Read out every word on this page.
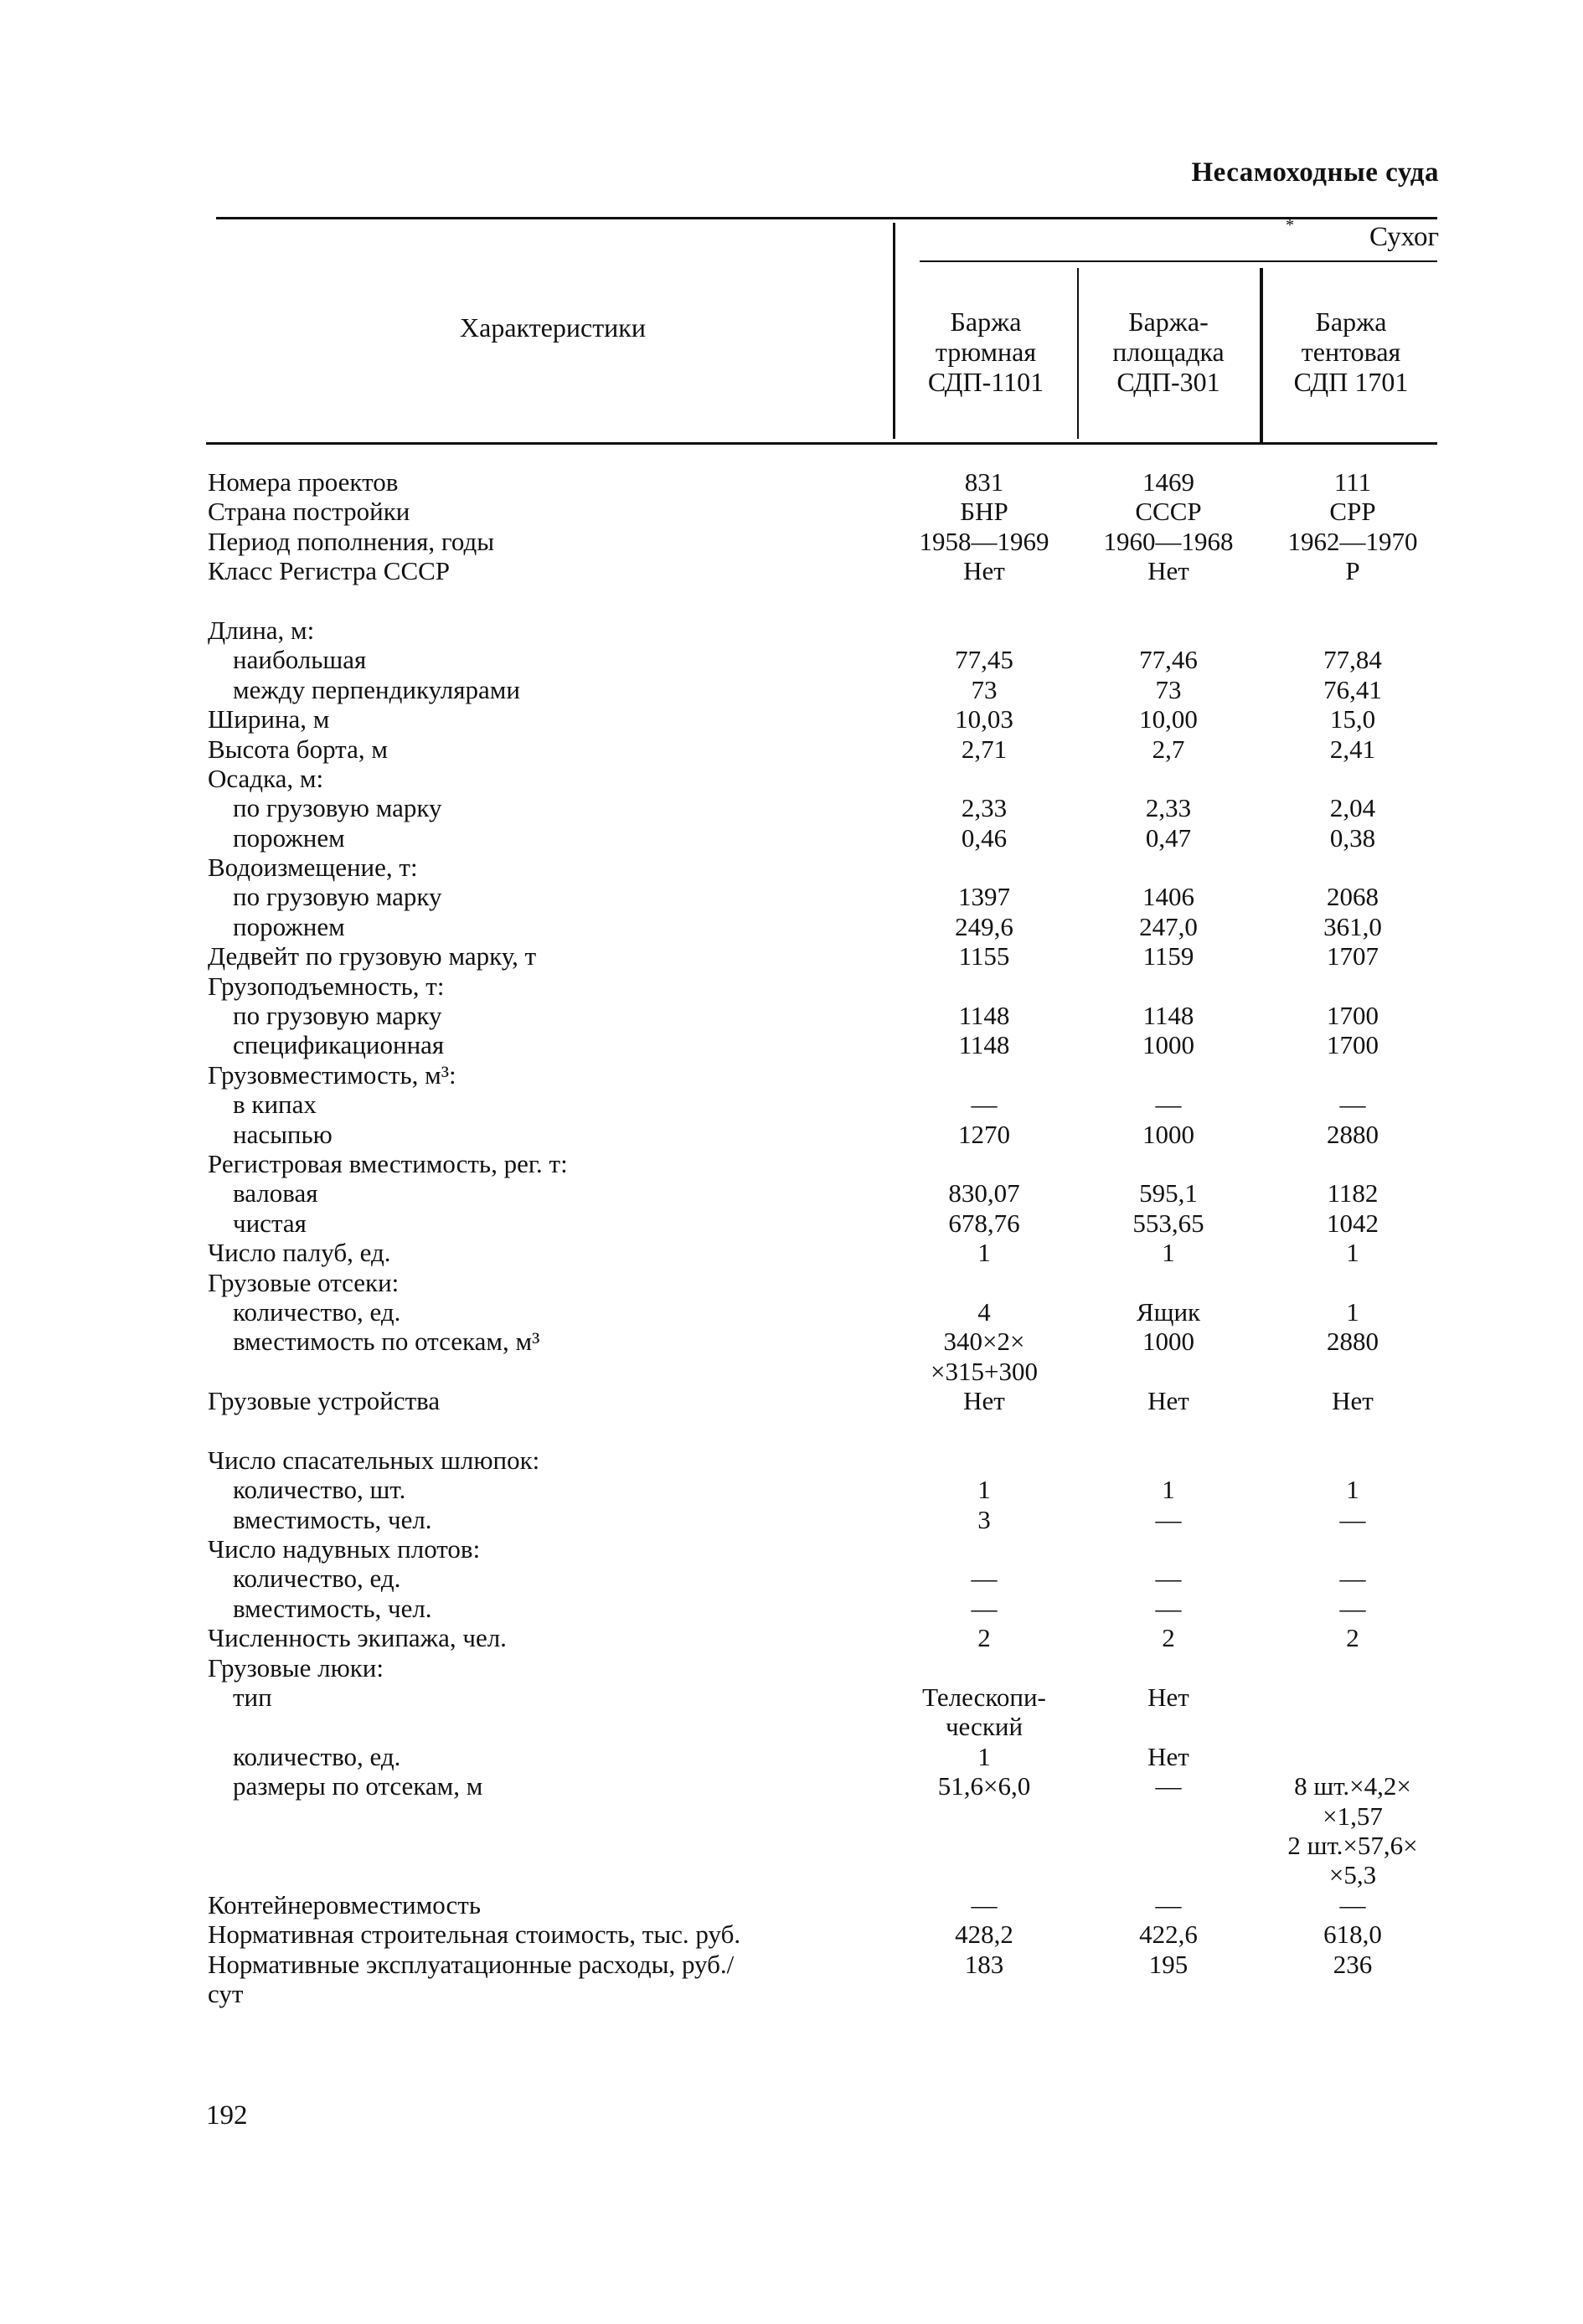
Несамоходные суда
Характеристики
*	Сухог
Баржа
трюмная
СДП-1101
Баржа-
площадка
СДП-301
Баржа
тентовая
СДП 1701
Номера проектов	831	1469	111
Страна постройки	БНР	СССР	СРР
Период пополнения, годы	1958—1969	1960—1968	1962—1970
Класс Регистра СССР	Нет	Нет	Р
Длина, м:
наибольшая	77,45	77,46	77,84
между перпендикулярами	73	73	76,41
Ширина, м	10,03	10,00	15,0
Высота борта, м	2,71	2,7	2,41
Осадка, м:
по грузовую марку	2,33	2,33	2,04
порожнем	0,46	0,47	0,38
Водоизмещение, т:
по грузовую марку	1397	1406	2068
порожнем	249,6	247,0	361,0
Дедвейт по грузовую марку, т	1155	1159	1707
Грузоподъемность, т:
по грузовую марку	1148	1148	1700
спецификационная	1148	1000	1700
Грузовместимость, м³:
в кипах	—	—	—
насыпью	1270	1000	2880
Регистровая вместимость, рег. т:
валовая	830,07	595,1	1182
чистая	678,76	553,65	1042
Число палуб, ед.	1	1	1
Грузовые отсеки:
количество, ед.	4	Ящик	1
вместимость по отсекам, м³	340×2×	1000	2880
×315+300
Грузовые устройства	Нет	Нет	Нет
Число спасательных шлюпок:
количество, шт.	1	1	1
вместимость, чел.	3	—	—
Число надувных плотов:
количество, ед.	—	—	—
вместимость, чел.	—	—	—
Численность экипажа, чел.	2	2	2
Грузовые люки:
тип	Телескопи-	Нет
ческий
количество, ед.	1	Нет
размеры по отсекам, м	51,6×6,0	—	8 шт.×4,2×
×1,57
2 шт.×57,6×
×5,3
Контейнеровместимость	—	—	—
Нормативная строительная стоимость, тыс. руб.	428,2	422,6	618,0
Нормативные эксплуатационные расходы, руб./	183	195	236
сут
192
